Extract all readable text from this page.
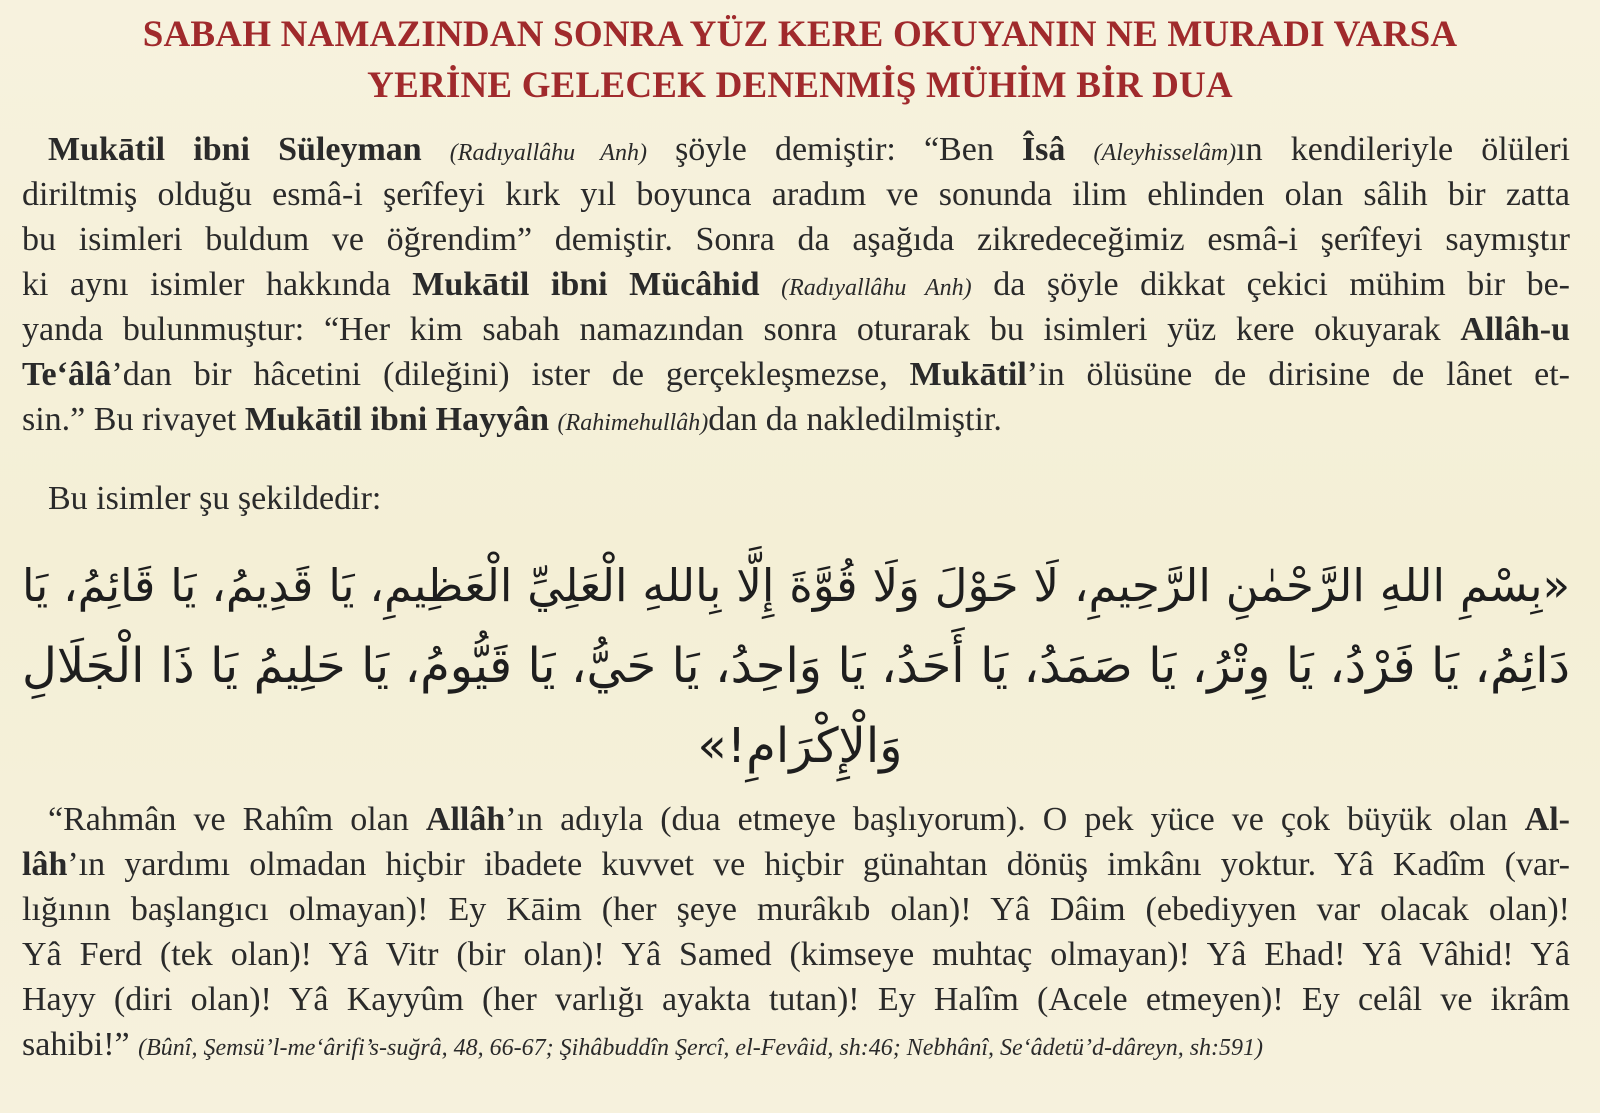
SABAH NAMAZINDAN SONRA YÜZ KERE OKUYANIN NE MURADI VARSA
YERİNE GELECEK DENENMİŞ MÜHİM BİR DUA
Mukātil ibni Süleyman (Radıyallâhu Anh) şöyle demiştir: “Ben Îsâ (Aleyhisselâm)ın kendileriyle ölüleri
diriltmiş olduğu esmâ-i şerîfeyi kırk yıl boyunca aradım ve sonunda ilim ehlinden olan sâlih bir zatta
bu isimleri buldum ve öğrendim” demiştir. Sonra da aşağıda zikredeceğimiz esmâ-i şerîfeyi saymıştır
ki aynı isimler hakkında Mukātil ibni Mücâhid (Radıyallâhu Anh) da şöyle dikkat çekici mühim bir be-
yanda bulunmuştur: “Her kim sabah namazından sonra oturarak bu isimleri yüz kere okuyarak Allâh-u
Te‘âlâ’dan bir hâcetini (dileğini) ister de gerçekleşmezse, Mukātil’in ölüsüne de dirisine de lânet et-
sin.” Bu rivayet Mukātil ibni Hayyân (Rahimehullâh)dan da nakledilmiştir.
Bu isimler şu şekildedir:
«بِسْمِ اللهِ الرَّحْمٰنِ الرَّحِيمِ، لَا حَوْلَ وَلَا قُوَّةَ إِلَّا بِاللهِ الْعَلِيِّ الْعَظِيمِ، يَا قَدِيمُ، يَا قَائِمُ، يَا
دَائِمُ، يَا فَرْدُ، يَا وِتْرُ، يَا صَمَدُ، يَا أَحَدُ، يَا وَاحِدُ، يَا حَيُّ، يَا قَيُّومُ، يَا حَلِيمُ يَا ذَا الْجَلَالِ
وَالْإِكْرَامِ!»
“Rahmân ve Rahîm olan Allâh’ın adıyla (dua etmeye başlıyorum). O pek yüce ve çok büyük olan Al-
lâh’ın yardımı olmadan hiçbir ibadete kuvvet ve hiçbir günahtan dönüş imkânı yoktur. Yâ Kadîm (var-
lığının başlangıcı olmayan)! Ey Kāim (her şeye murâkıb olan)! Yâ Dâim (ebediyyen var olacak olan)!
Yâ Ferd (tek olan)! Yâ Vitr (bir olan)! Yâ Samed (kimseye muhtaç olmayan)! Yâ Ehad! Yâ Vâhid! Yâ
Hayy (diri olan)! Yâ Kayyûm (her varlığı ayakta tutan)! Ey Halîm (Acele etmeyen)! Ey celâl ve ikrâm
sahibi!” (Bûnî, Şemsü’l-me‘ârifi’s-suğrâ, 48, 66-67; Şihâbuddîn Şercî, el-Fevâid, sh:46; Nebhânî, Se‘âdetü’d-dâreyn, sh:591)
